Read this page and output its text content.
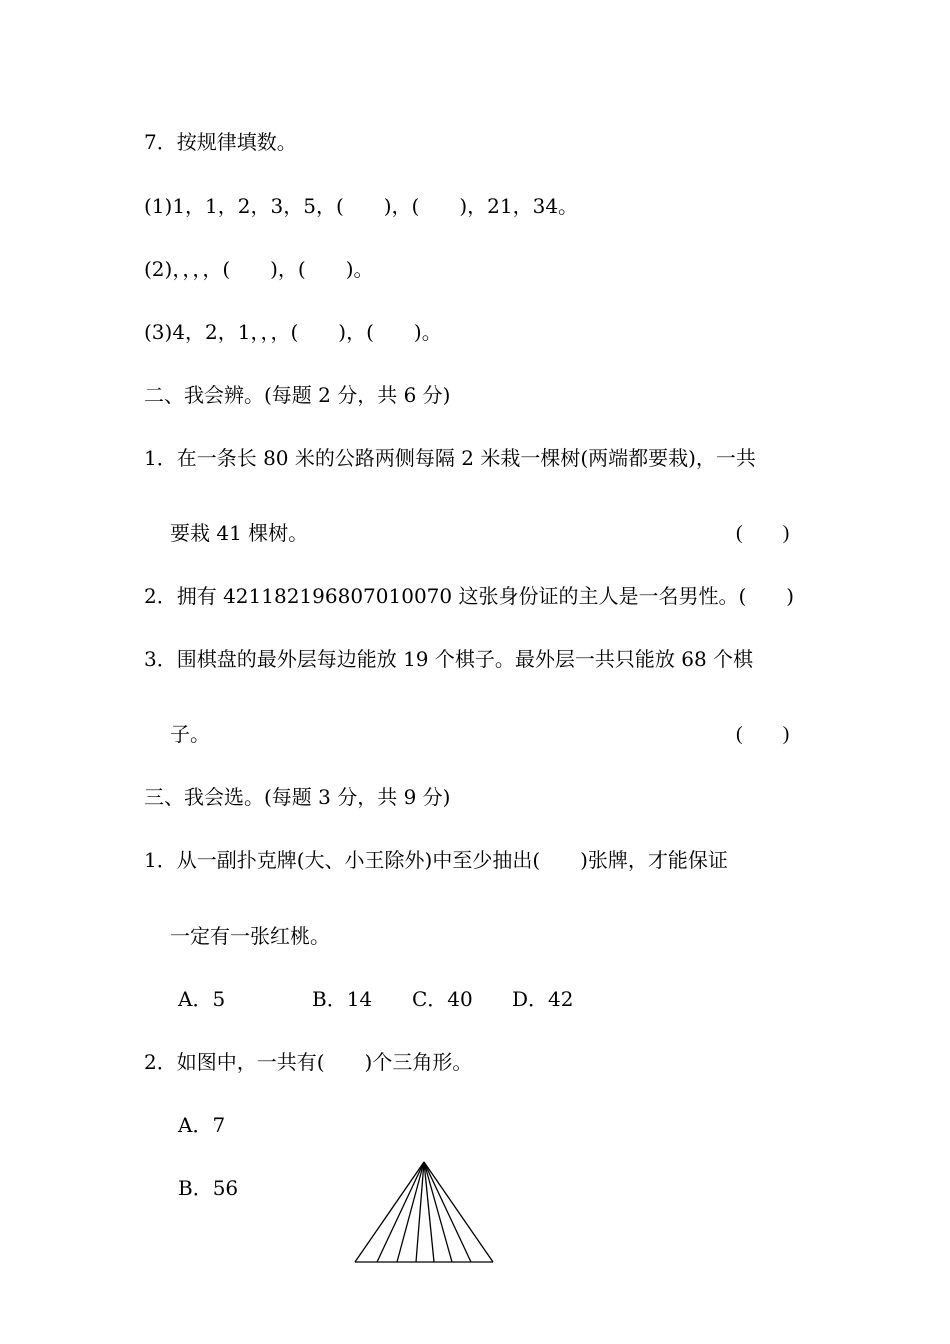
7．按规律填数。
(1)1，1，2，3，5，(　　)，(　　)，21，34。
(2)，，，，(　　)，(　　)。
(3)4，2，1，，，(　　)，(　　)。
二、我会辨。(每题 2 分，共 6 分)
1．在一条长 80 米的公路两侧每隔 2 米栽一棵树(两端都要栽)，一共
要栽 41 棵树。	(　　)
2．拥有 421182196807010070 这张身份证的主人是一名男性。(　　)
3．围棋盘的最外层每边能放 19 个棋子。最外层一共只能放 68 个棋
子。	(　　)
三、我会选。(每题 3 分，共 9 分)
1．从一副扑克牌(大、小王除外)中至少抽出(　　)张牌，才能保证
一定有一张红桃。

A．5

	B．14

C．40

D．42

2．如图中，一共有(　　)个三角形。
A．7
B．56
